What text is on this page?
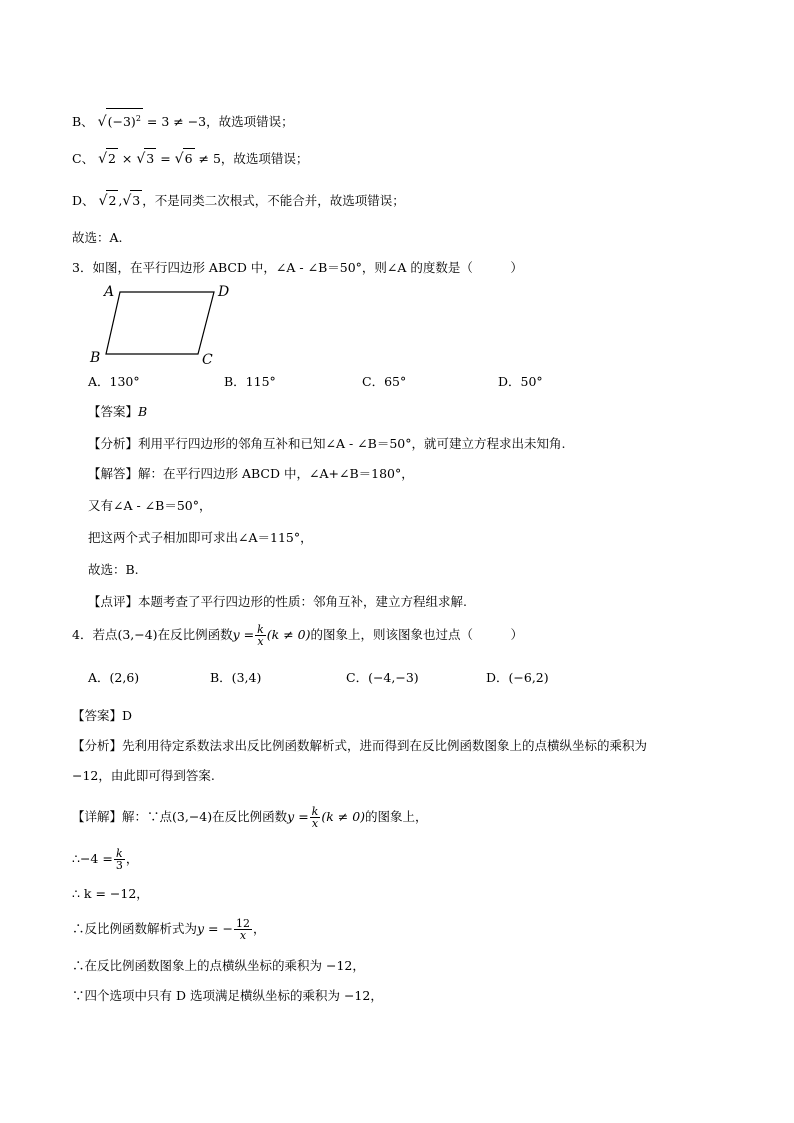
B、 $√(-3)^2 = 3 \ne -3$，故选项错误；
C、 √2 × √3 = √6 ≠ 5，故选项错误；
D、 √2 ,√3 ，不是同类二次根式，不能合并，故选项错误；
故选：A.
3．如图，在平行四边形 ABCD 中，∠A ‐ ∠B＝50°，则∠A 的度数是（　　　）
A	D
B	C
A．130°	B．115°	C．65°	D．50°
【答案】B
【分析】利用平行四边形的邻角互补和已知∠A ‐ ∠B＝50°，就可建立方程求出未知角.
【解答】解：在平行四边形 ABCD 中，∠A+∠B＝180°，
又有∠A ‐ ∠B＝50°，
把这两个式子相加即可求出∠A＝115°，
故选：B.
【点评】本题考查了平行四边形的性质：邻角互补，建立方程组求解.
4．若点(3,−4)在反比例函数$y = \frac{k}{x} (k \ne 0)$的图象上，则该图象也过点（　　　）
A．(2,6)	B．(3,4)	C．(−4,−3)	D．(−6,2)
【答案】D
【分析】先利用待定系数法求出反比例函数解析式，进而得到在反比例函数图象上的点横纵坐标的乘积为
−12，由此即可得到答案.
【详解】解：∵点(3,−4)在反比例函数$y = \frac{k}{x} (k \ne 0)$的图象上，
∴−4 = $\frac{k}{3}$ ，
∴ k = −12，
∴反比例函数解析式为y = − $\frac{12}{x}$ ，
∴在反比例函数图象上的点横纵坐标的乘积为 −12，
∵四个选项中只有 D 选项满足横纵坐标的乘积为 −12，
